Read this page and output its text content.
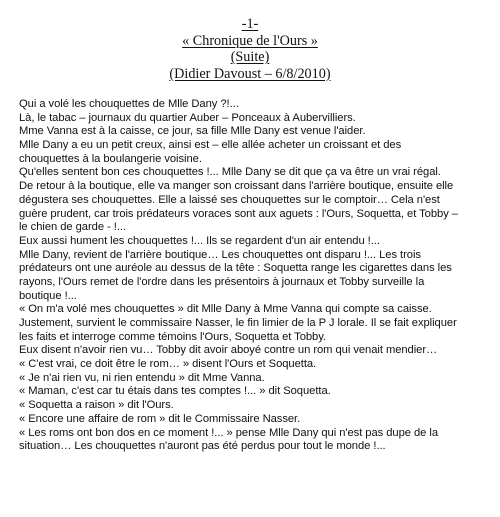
-1-
« Chronique de l'Ours »
(Suite)
(Didier Davoust – 6/8/2010)
Qui a volé les chouquettes de Mlle Dany ?!...
Là, le tabac – journaux du quartier Auber – Ponceaux à Aubervilliers.
Mme Vanna est à la caisse, ce jour, sa fille Mlle Dany est venue l'aider.
Mlle Dany a eu un petit creux, ainsi est – elle allée acheter un croissant et des
chouquettes à la boulangerie voisine.
Qu'elles sentent bon ces chouquettes !... Mlle Dany se dit que ça va être un vrai régal.
De retour à la boutique, elle va manger son croissant dans l'arrière boutique, ensuite elle
dégustera ses chouquettes. Elle a laissé ses chouquettes sur le comptoir… Cela n'est
guère prudent, car trois prédateurs voraces sont aux aguets : l'Ours, Soquetta, et Tobby –
le chien de garde - !...
Eux aussi hument les chouquettes !... Ils se regardent d'un air entendu !...
Mlle Dany, revient de l'arrière boutique… Les chouquettes ont disparu !... Les trois
prédateurs ont une auréole au dessus de la tête : Soquetta range les cigarettes dans les
rayons, l'Ours remet de l'ordre dans les présentoirs à journaux et Tobby surveille la
boutique !...
« On m'a volé mes chouquettes » dit Mlle Dany à Mme Vanna qui compte sa caisse.
Justement, survient le commissaire Nasser, le fin limier de la P J lorale. Il se fait expliquer
les faits et interroge comme témoins l'Ours, Soquetta et Tobby.
Eux disent n'avoir rien vu… Tobby dit avoir aboyé contre un rom qui venait mendier…
« C'est vrai, ce doit être le rom… » disent l'Ours et Soquetta.
« Je n'ai rien vu, ni rien entendu » dit Mme Vanna.
« Maman, c'est car tu étais dans tes comptes !... » dit Soquetta.
« Soquetta a raison » dit l'Ours.
« Encore une affaire de rom » dit le Commissaire Nasser.
« Les roms ont bon dos en ce moment !... » pense Mlle Dany qui n'est pas dupe de la
situation… Les chouquettes n'auront pas été perdus pour tout le monde !...
